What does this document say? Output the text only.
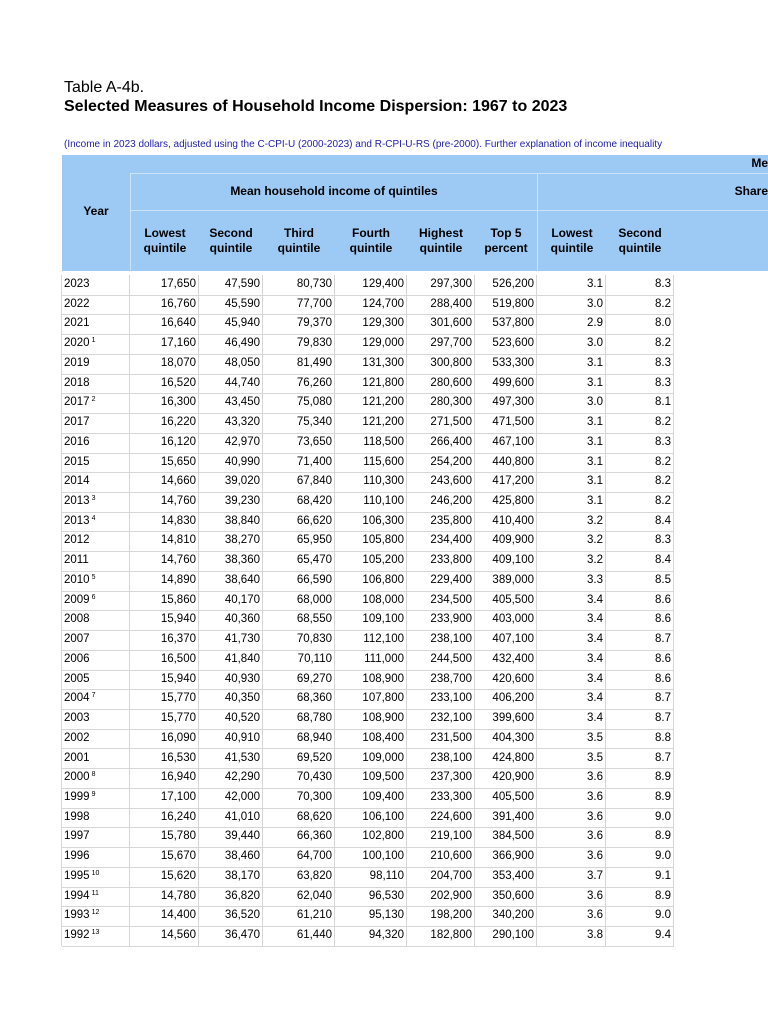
Table A-4b.
Selected Measures of Household Income Dispersion: 1967 to 2023
(Income in 2023 dollars, adjusted using the C-CPI-U (2000-2023) and R-CPI-U-RS (pre-2000). Further explanation of income inequality
Me
Year
Mean household income of quintiles	Share
Lowest
quintile
Second
quintile
Third
quintile
Fourth
quintile
Highest
quintile
Top 5
percent
Lowest
quintile
Second
quintile
2023	17,650	47,590	80,730	129,400	297,300	526,200	3.1	8.3
2022	16,760	45,590	77,700	124,700	288,400	519,800	3.0	8.2
2021	16,640	45,940	79,370	129,300	301,600	537,800	2.9	8.0
2020 $^1$	17,160	46,490	79,830	129,000	297,700	523,600	3.0	8.2
2019	18,070	48,050	81,490	131,300	300,800	533,300	3.1	8.3
2018	16,520	44,740	76,260	121,800	280,600	499,600	3.1	8.3
2017 $^2$	16,300	43,450	75,080	121,200	280,300	497,300	3.0	8.1
2017	16,220	43,320	75,340	121,200	271,500	471,500	3.1	8.2
2016	16,120	42,970	73,650	118,500	266,400	467,100	3.1	8.3
2015	15,650	40,990	71,400	115,600	254,200	440,800	3.1	8.2
2014	14,660	39,020	67,840	110,300	243,600	417,200	3.1	8.2
2013 $^3$	14,760	39,230	68,420	110,100	246,200	425,800	3.1	8.2
2013 $^4$	14,830	38,840	66,620	106,300	235,800	410,400	3.2	8.4
2012	14,810	38,270	65,950	105,800	234,400	409,900	3.2	8.3
2011	14,760	38,360	65,470	105,200	233,800	409,100	3.2	8.4
2010 $^5$	14,890	38,640	66,590	106,800	229,400	389,000	3.3	8.5
2009 $^6$	15,860	40,170	68,000	108,000	234,500	405,500	3.4	8.6
2008	15,940	40,360	68,550	109,100	233,900	403,000	3.4	8.6
2007	16,370	41,730	70,830	112,100	238,100	407,100	3.4	8.7
2006	16,500	41,840	70,110	111,000	244,500	432,400	3.4	8.6
2005	15,940	40,930	69,270	108,900	238,700	420,600	3.4	8.6
2004 $^7$	15,770	40,350	68,360	107,800	233,100	406,200	3.4	8.7
2003	15,770	40,520	68,780	108,900	232,100	399,600	3.4	8.7
2002	16,090	40,910	68,940	108,400	231,500	404,300	3.5	8.8
2001	16,530	41,530	69,520	109,000	238,100	424,800	3.5	8.7
2000 $^8$	16,940	42,290	70,430	109,500	237,300	420,900	3.6	8.9
1999 $^9$	17,100	42,000	70,300	109,400	233,300	405,500	3.6	8.9
1998	16,240	41,010	68,620	106,100	224,600	391,400	3.6	9.0
1997	15,780	39,440	66,360	102,800	219,100	384,500	3.6	8.9
1996	15,670	38,460	64,700	100,100	210,600	366,900	3.6	9.0
1995 $^{10}$	15,620	38,170	63,820	98,110	204,700	353,400	3.7	9.1
1994 $^{11}$	14,780	36,820	62,040	96,530	202,900	350,600	3.6	8.9
1993 $^{12}$	14,400	36,520	61,210	95,130	198,200	340,200	3.6	9.0
1992 $^{13}$	14,560	36,470	61,440	94,320	182,800	290,100	3.8	9.4
